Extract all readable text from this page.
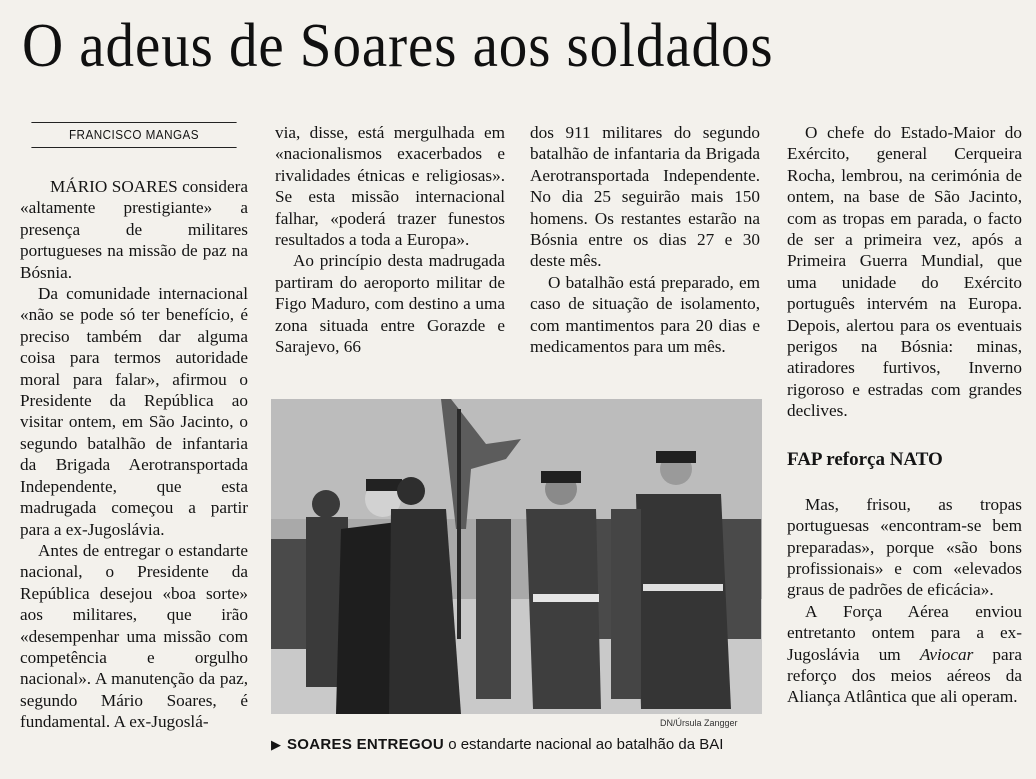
O adeus de Soares aos soldados
FRANCISCO MANGAS

MÁRIO SOARES considera «altamente prestigiante» a presença de militares portugueses na missão de paz na Bósnia.

Da comunidade internacional «não se pode só ter benefício, é preciso também dar alguma coisa para termos autoridade moral para falar», afirmou o Presidente da República ao visitar ontem, em São Jacinto, o segundo batalhão de infantaria da Brigada Aerotransportada Independente, que esta madrugada começou a partir para a ex-Jugoslávia.

Antes de entregar o estandarte nacional, o Presidente da República desejou «boa sorte» aos militares, que irão «desempenhar uma missão com competência e orgulho nacional». A manutenção da paz, segundo Mário Soares, é fundamental. A ex-Jugoslá-

via, disse, está mergulhada em «nacionalismos exacerbados e rivalidades étnicas e religiosas». Se esta missão internacional falhar, «poderá trazer funestos resultados a toda a Europa».

Ao princípio desta madrugada partiram do aeroporto militar de Figo Maduro, com destino a uma zona situada entre Gorazde e Sarajevo, 66

dos 911 militares do segundo batalhão de infantaria da Brigada Aerotransportada Independente. No dia 25 seguirão mais 150 homens. Os restantes estarão na Bósnia entre os dias 27 e 30 deste mês.

O batalhão está preparado, em caso de situação de isolamento, com mantimentos para 20 dias e medicamentos para um mês.

O chefe do Estado-Maior do Exército, general Cerqueira Rocha, lembrou, na cerimónia de ontem, na base de São Jacinto, com as tropas em parada, o facto de ser a primeira vez, após a Primeira Guerra Mundial, que uma unidade do Exército português intervém na Europa. Depois, alertou para os eventuais perigos na Bósnia: minas, atiradores furtivos, Inverno rigoroso e estradas com grandes declives.

FAP reforça NATO

Mas, frisou, as tropas portuguesas «encontram-se bem preparadas», porque «são bons profissionais» e com «elevados graus de padrões de eficácia».

A Força Aérea enviou entretanto ontem para a ex-Jugoslávia um Aviocar para reforço dos meios aéreos da Aliança Atlântica que ali operam.

DN/Úrsula Zangger
▶ SOARES ENTREGOU o estandarte nacional ao batalhão da BAI
